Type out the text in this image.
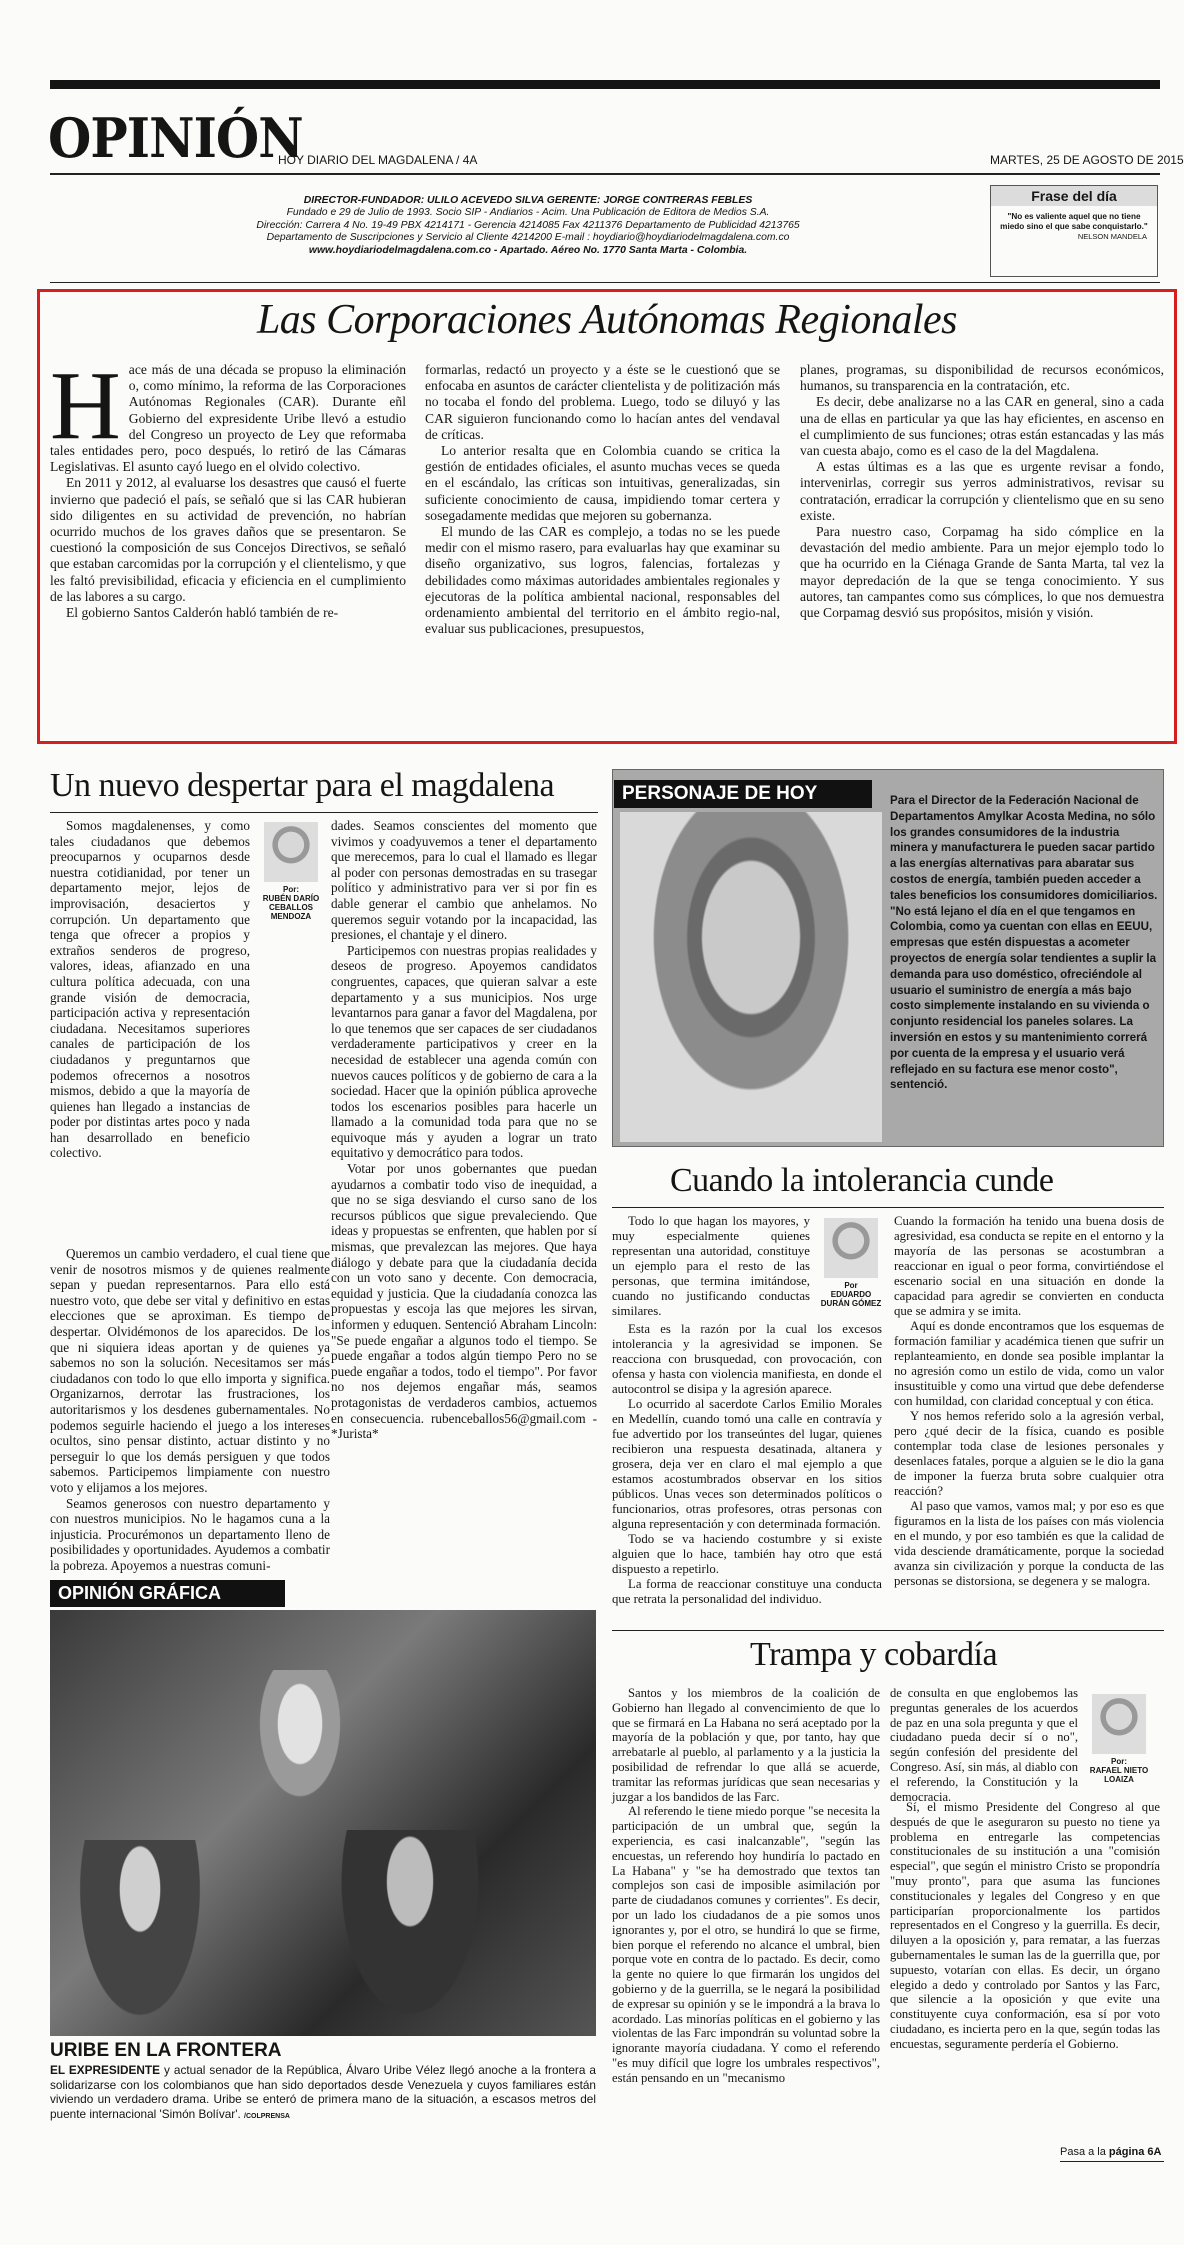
OPINIÓN
HOY DIARIO DEL MAGDALENA / 4A	MARTES, 25 DE AGOSTO DE 2015
DIRECTOR-FUNDADOR: ULILO ACEVEDO SILVA GERENTE: JORGE CONTRERAS FEBLES
Fundado e 29 de Julio de 1993. Socio SIP - Andiarios - Acim. Una Publicación de Editora de Medios S.A.
Dirección: Carrera 4 No. 19-49 PBX 4214171 - Gerencia 4214085 Fax 4211376 Departamento de Publicidad 4213765
Departamento de Suscripciones y Servicio al Cliente 4214200 E-mail : hoydiario@hoydiariodelmagdalena.com.co
www.hoydiariodelmagdalena.com.co - Apartado. Aéreo No. 1770 Santa Marta - Colombia.
Frase del día
"No es valiente aquel que no tiene miedo sino el que sabe conquistarlo."
NELSON MANDELA
Las Corporaciones Autónomas Regionales

Hace más de una década se propuso la eliminación o, como mínimo, la reforma de las Corporaciones Autónomas Regionales (CAR). Durante eñl Gobierno del expresidente Uribe llevó a estudio del Congreso un proyecto de Ley que reformaba tales entidades pero, poco después, lo retiró de las Cámaras Legislativas. El asunto cayó luego en el olvido colectivo.

En 2011 y 2012, al evaluarse los desastres que causó el fuerte invierno que padeció el país, se señaló que si las CAR hubieran sido diligentes en su actividad de prevención, no habrían ocurrido muchos de los graves daños que se presentaron. Se cuestionó la composición de sus Concejos Directivos, se señaló que estaban carcomidas por la corrupción y el clientelismo, y que les faltó previsibilidad, eficacia y eficiencia en el cumplimiento de las labores a su cargo.

El gobierno Santos Calderón habló también de re-

formarlas, redactó un proyecto y a éste se le cuestionó que se enfocaba en asuntos de carácter clientelista y de politización más no tocaba el fondo del problema. Luego, todo se diluyó y las CAR siguieron funcionando como lo hacían antes del vendaval de críticas.

Lo anterior resalta que en Colombia cuando se critica la gestión de entidades oficiales, el asunto muchas veces se queda en el escándalo, las críticas son intuitivas, generalizadas, sin suficiente conocimiento de causa, impidiendo tomar certera y sosegadamente medidas que mejoren su gobernanza.

El mundo de las CAR es complejo, a todas no se les puede medir con el mismo rasero, para evaluarlas hay que examinar su diseño organizativo, sus logros, falencias, fortalezas y debilidades como máximas autoridades ambientales regionales y ejecutoras de la política ambiental nacional, responsables del ordenamiento ambiental del territorio en el ámbito regio-nal, evaluar sus publicaciones, presupuestos,

planes, programas, su disponibilidad de recursos económicos, humanos, su transparencia en la contratación, etc.

Es decir, debe analizarse no a las CAR en general, sino a cada una de ellas en particular ya que las hay eficientes, en ascenso en el cumplimiento de sus funciones; otras están estancadas y las más van cuesta abajo, como es el caso de la del Magdalena.

A estas últimas es a las que es urgente revisar a fondo, intervenirlas, corregir sus yerros administrativos, revisar su contratación, erradicar la corrupción y clientelismo que en su seno existe.

Para nuestro caso, Corpamag ha sido cómplice en la devastación del medio ambiente. Para un mejor ejemplo todo lo que ha ocurrido en la Ciénaga Grande de Santa Marta, tal vez la mayor depredación de la que se tenga conocimiento. Y sus autores, tan campantes como sus cómplices, lo que nos demuestra que Corpamag desvió sus propósitos, misión y visión.

Un nuevo despertar para el magdalena
Por:
RUBÉN DARÍO CEBALLOS MENDOZA

Somos magdalenenses, y como tales ciudadanos que debemos preocuparnos y ocuparnos desde nuestra cotidianidad, por tener un departamento mejor, lejos de improvisación, desaciertos y corrupción. Un departamento que tenga que ofrecer a propios y extraños senderos de progreso, valores, ideas, afianzado en una cultura política adecuada, con una grande visión de democracia, participación activa y representación ciudadana. Necesitamos superiores canales de participación de los ciudadanos y preguntarnos que podemos ofrecernos a nosotros mismos, debido a que la mayoría de quienes han llegado a instancias de poder por distintas artes poco y nada han desarrollado en beneficio colectivo.

Queremos un cambio verdadero, el cual tiene que venir de nosotros mismos y de quienes realmente sepan y puedan representarnos. Para ello está nuestro voto, que debe ser vital y definitivo en estas elecciones que se aproximan. Es tiempo de despertar. Olvidémonos de los aparecidos. De los que ni siquiera ideas aportan y de quienes ya sabemos no son la solución. Necesitamos ser más ciudadanos con todo lo que ello importa y significa. Organizarnos, derrotar las frustraciones, los autoritarismos y los desdenes gubernamentales. No podemos seguirle haciendo el juego a los intereses ocultos, sino pensar distinto, actuar distinto y no perseguir lo que los demás persiguen y que todos sabemos. Participemos limpiamente con nuestro voto y elijamos a los mejores.

Seamos generosos con nuestro departamento y con nuestros municipios. No le hagamos cuna a la injusticia. Procurémonos un departamento lleno de posibilidades y oportunidades. Ayudemos a combatir la pobreza. Apoyemos a nuestras comuni-

dades. Seamos conscientes del momento que vivimos y coadyuvemos a tener el departamento que merecemos, para lo cual el llamado es llegar al poder con personas demostradas en su trasegar político y administrativo para ver si por fin es dable generar el cambio que anhelamos. No queremos seguir votando por la incapacidad, las presiones, el chantaje y el dinero.

Participemos con nuestras propias realidades y deseos de progreso. Apoyemos candidatos congruentes, capaces, que quieran salvar a este departamento y a sus municipios. Nos urge levantarnos para ganar a favor del Magdalena, por lo que tenemos que ser capaces de ser ciudadanos verdaderamente participativos y creer en la necesidad de establecer una agenda común con nuevos cauces políticos y de gobierno de cara a la sociedad. Hacer que la opinión pública aproveche todos los escenarios posibles para hacerle un llamado a la comunidad toda para que no se equivoque más y ayuden a lograr un trato equitativo y democrático para todos.

Votar por unos gobernantes que puedan ayudarnos a combatir todo viso de inequidad, a que no se siga desviando el curso sano de los recursos públicos que sigue prevaleciendo. Que ideas y propuestas se enfrenten, que hablen por sí mismas, que prevalezcan las mejores. Que haya diálogo y debate para que la ciudadanía decida con un voto sano y decente. Con democracia, equidad y justicia. Que la ciudadanía conozca las propuestas y escoja las que mejores les sirvan, informen y eduquen. Sentenció Abraham Lincoln: "Se puede engañar a algunos todo el tiempo. Se puede engañar a todos algún tiempo Pero no se puede engañar a todos, todo el tiempo". Por favor no nos dejemos engañar más, seamos protagonistas de verdaderos cambios, actuemos en consecuencia. rubenceballos56@gmail.com -*Jurista*

PERSONAJE DE HOY	Para el Director de la Federación Nacional de Departamentos Amylkar Acosta Medina, no sólo los grandes consumidores de la industria minera y manufacturera le pueden sacar partido a las energías alternativas para abaratar sus costos de energía, también pueden acceder a tales beneficios los consumidores domiciliarios. "No está lejano el día en el que tengamos en Colombia, como ya cuentan con ellas en EEUU, empresas que estén dispuestas a acometer proyectos de energía solar tendientes a suplir la demanda para uso doméstico, ofreciéndole al usuario el suministro de energía a más bajo costo simplemente instalando en su vivienda o conjunto residencial los paneles solares. La inversión en estos y su mantenimiento correrá por cuenta de la empresa y el usuario verá reflejado en su factura ese menor costo", sentenció.
Cuando la intolerancia cunde
Por
EDUARDO DURÁN GÓMEZ

Todo lo que hagan los mayores, y muy especialmente quienes representan una autoridad, constituye un ejemplo para el resto de las personas, que termina imitándose, cuando no justificando conductas similares.

Esta es la razón por la cual los excesos intolerancia y la agresividad se imponen. Se reacciona con brusquedad, con provocación, con ofensa y hasta con violencia manifiesta, en donde el autocontrol se disipa y la agresión aparece.

Lo ocurrido al sacerdote Carlos Emilio Morales en Medellín, cuando tomó una calle en contravía y fue advertido por los transeúntes del lugar, quienes recibieron una respuesta desatinada, altanera y grosera, deja ver en claro el mal ejemplo a que estamos acostumbrados observar en los sitios públicos. Unas veces son determinados políticos o funcionarios, otras profesores, otras personas con alguna representación y con determinada formación.

Todo se va haciendo costumbre y si existe alguien que lo hace, también hay otro que está dispuesto a repetirlo.

La forma de reaccionar constituye una conducta que retrata la personalidad del individuo.

Cuando la formación ha tenido una buena dosis de agresividad, esa conducta se repite en el entorno y la mayoría de las personas se acostumbran a reaccionar en igual o peor forma, convirtiéndose el escenario social en una situación en donde la capacidad para agredir se convierten en conducta que se admira y se imita.

Aquí es donde encontramos que los esquemas de formación familiar y académica tienen que sufrir un replanteamiento, en donde sea posible implantar la no agresión como un estilo de vida, como un valor insustituible y como una virtud que debe defenderse con humildad, con claridad conceptual y con ética.

Y nos hemos referido solo a la agresión verbal, pero ¿qué decir de la física, cuando es posible contemplar toda clase de lesiones personales y desenlaces fatales, porque a alguien se le dio la gana de imponer la fuerza bruta sobre cualquier otra reacción?

Al paso que vamos, vamos mal; y por eso es que figuramos en la lista de los países con más violencia en el mundo, y por eso también es que la calidad de vida desciende dramáticamente, porque la sociedad avanza sin civilización y porque la conducta de las personas se distorsiona, se degenera y se malogra.

OPINIÓN GRÁFICA
URIBE EN LA FRONTERA
EL EXPRESIDENTE y actual senador de la República, Álvaro Uribe Vélez llegó anoche a la frontera a solidarizarse con los colombianos que han sido deportados desde Venezuela y cuyos familiares están viviendo un verdadero drama. Uribe se enteró de primera mano de la situación, a escasos metros del puente internacional 'Simón Bolívar'. /COLPRENSA
Trampa y cobardía

Santos y los miembros de la coalición de Gobierno han llegado al convencimiento de que lo que se firmará en La Habana no será aceptado por la mayoría de la población y que, por tanto, hay que arrebatarle al pueblo, al parlamento y a la justicia la posibilidad de refrendar lo que allá se acuerde, tramitar las reformas jurídicas que sean necesarias y juzgar a los bandidos de las Farc.

Al referendo le tiene miedo porque "se necesita la participación de un umbral que, según la experiencia, es casi inalcanzable", "según las encuestas, un referendo hoy hundiría lo pactado en La Habana" y "se ha demostrado que textos tan complejos son casi de imposible asimilación por parte de ciudadanos comunes y corrientes". Es decir, por un lado los ciudadanos de a pie somos unos ignorantes y, por el otro, se hundirá lo que se firme, bien porque el referendo no alcance el umbral, bien porque vote en contra de lo pactado. Es decir, como la gente no quiere lo que firmarán los ungidos del gobierno y de la guerrilla, se le negará la posibilidad de expresar su opinión y se le impondrá a la brava lo acordado. Las minorías políticas en el gobierno y las violentas de las Farc impondrán su voluntad sobre la ignorante mayoría ciudadana. Y como el referendo "es muy difícil que logre los umbrales respectivos", están pensando en un "mecanismo

Por:
RAFAEL NIETO LOAIZA

de consulta en que englobemos las preguntas generales de los acuerdos de paz en una sola pregunta y que el ciudadano pueda decir sí o no", según confesión del presidente del Congreso. Así, sin más, al diablo con el referendo, la Constitución y la democracia.

Sí, el mismo Presidente del Congreso al que después de que le aseguraron su puesto no tiene ya problema en entregarle las competencias constitucionales de su institución a una "comisión especial", que según el ministro Cristo se propondría "muy pronto", para que asuma las funciones constitucionales y legales del Congreso y en que participarían proporcionalmente los partidos representados en el Congreso y la guerrilla. Es decir, diluyen a la oposición y, para rematar, a las fuerzas gubernamentales le suman las de la guerrilla que, por supuesto, votarían con ellas. Es decir, un órgano elegido a dedo y controlado por Santos y las Farc, que silencie a la oposición y que evite una constituyente cuya conformación, esa sí por voto ciudadano, es incierta pero en la que, según todas las encuestas, seguramente perdería el Gobierno.

Pasa a la página 6A
